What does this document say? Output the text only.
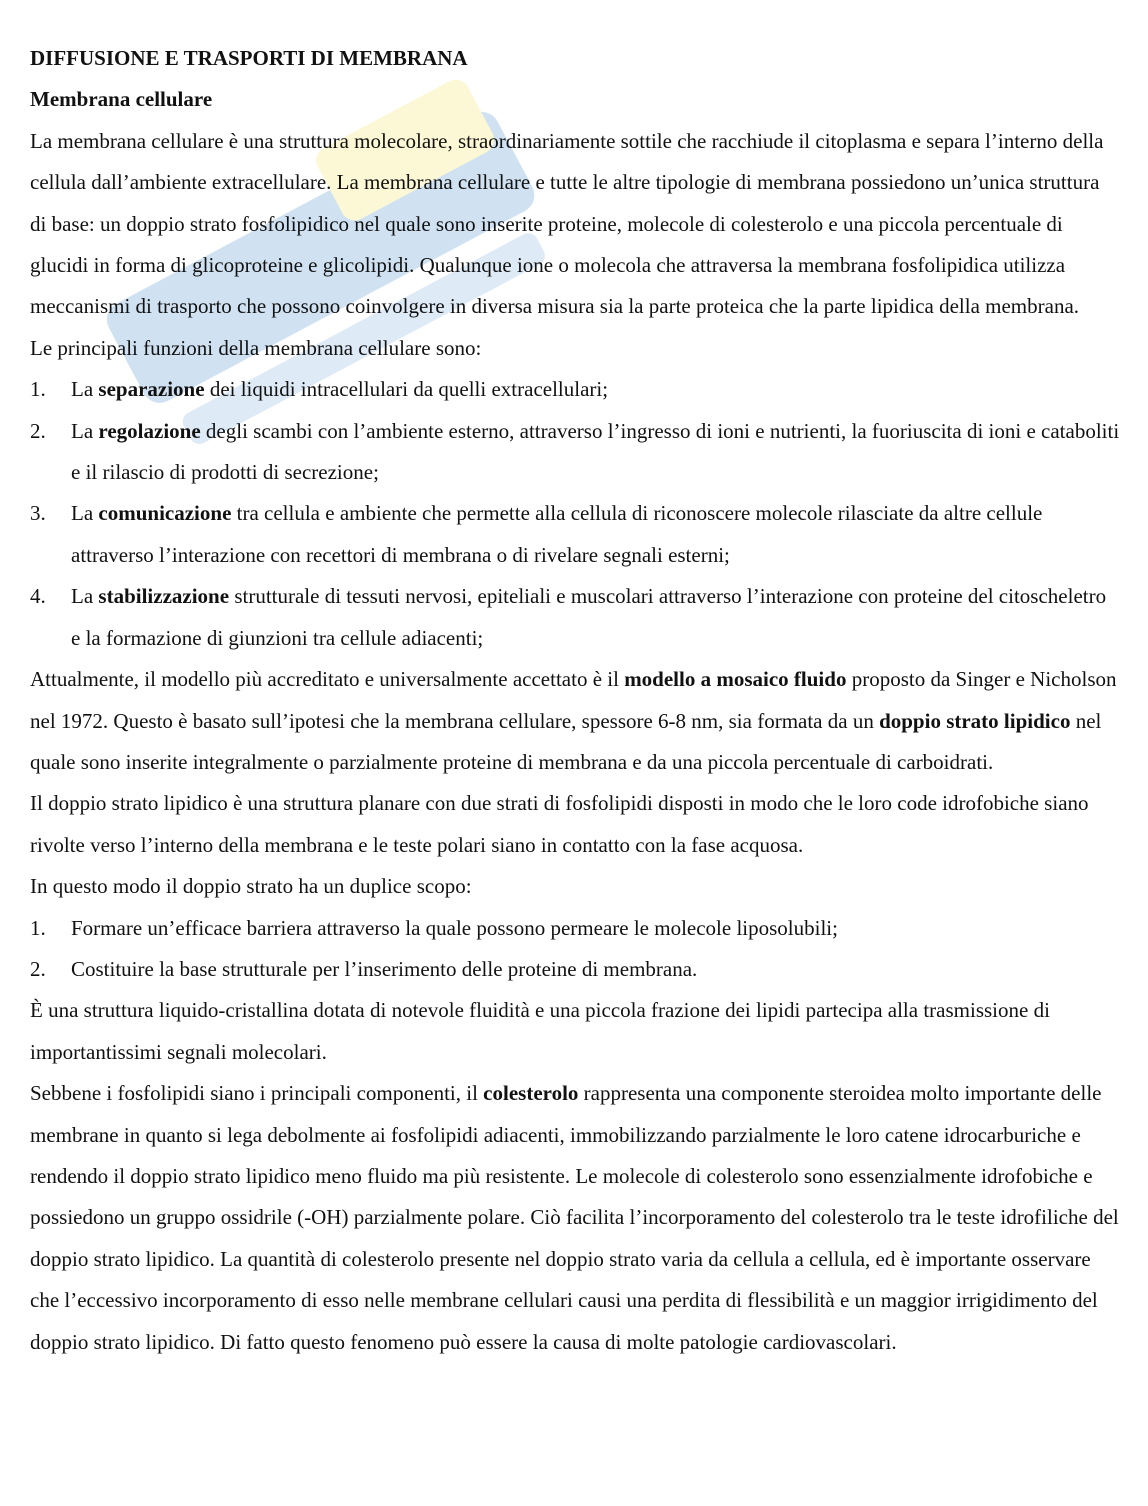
DIFFUSIONE E TRASPORTI DI MEMBRANA

Membrana cellulare

La membrana cellulare è una struttura molecolare, straordinariamente sottile che racchiude il citoplasma e separa l’interno della cellula dall’ambiente extracellulare. La membrana cellulare e tutte le altre tipologie di membrana possiedono un’unica struttura di base: un doppio strato fosfolipidico nel quale sono inserite proteine, molecole di colesterolo e una piccola percentuale di glucidi in forma di glicoproteine e glicolipidi. Qualunque ione o molecola che attraversa la membrana fosfolipidica utilizza meccanismi di trasporto che possono coinvolgere in diversa misura sia la parte proteica che la parte lipidica della membrana.

Le principali funzioni della membrana cellulare sono:

1. La separazione dei liquidi intracellulari da quelli extracellulari;
2. La regolazione degli scambi con l’ambiente esterno, attraverso l’ingresso di ioni e nutrienti, la fuoriuscita di ioni e cataboliti e il rilascio di prodotti di secrezione;
3. La comunicazione tra cellula e ambiente che permette alla cellula di riconoscere molecole rilasciate da altre cellule attraverso l’interazione con recettori di membrana o di rivelare segnali esterni;
4. La stabilizzazione strutturale di tessuti nervosi, epiteliali e muscolari attraverso l’interazione con proteine del citoscheletro e la formazione di giunzioni tra cellule adiacenti;

Attualmente, il modello più accreditato e universalmente accettato è il modello a mosaico fluido proposto da Singer e Nicholson nel 1972. Questo è basato sull’ipotesi che la membrana cellulare, spessore 6-8 nm, sia formata da un doppio strato lipidico nel quale sono inserite integralmente o parzialmente proteine di membrana e da una piccola percentuale di carboidrati.

Il doppio strato lipidico è una struttura planare con due strati di fosfolipidi disposti in modo che le loro code idrofobiche siano rivolte verso l’interno della membrana e le teste polari siano in contatto con la fase acquosa.

In questo modo il doppio strato ha un duplice scopo:

1. Formare un’efficace barriera attraverso la quale possono permeare le molecole liposolubili;
2. Costituire la base strutturale per l’inserimento delle proteine di membrana.

È una struttura liquido-cristallina dotata di notevole fluidità e una piccola frazione dei lipidi partecipa alla trasmissione di importantissimi segnali molecolari.

Sebbene i fosfolipidi siano i principali componenti, il colesterolo rappresenta una componente steroidea molto importante delle membrane in quanto si lega debolmente ai fosfolipidi adiacenti, immobilizzando parzialmente le loro catene idrocarburiche e rendendo il doppio strato lipidico meno fluido ma più resistente. Le molecole di colesterolo sono essenzialmente idrofobiche e possiedono un gruppo ossidrile (-OH) parzialmente polare. Ciò facilita l’incorporamento del colesterolo tra le teste idrofiliche del doppio strato lipidico. La quantità di colesterolo presente nel doppio strato varia da cellula a cellula, ed è importante osservare che l’eccessivo incorporamento di esso nelle membrane cellulari causi una perdita di flessibilità e un maggior irrigidimento del doppio strato lipidico. Di fatto questo fenomeno può essere la causa di molte patologie cardiovascolari.
